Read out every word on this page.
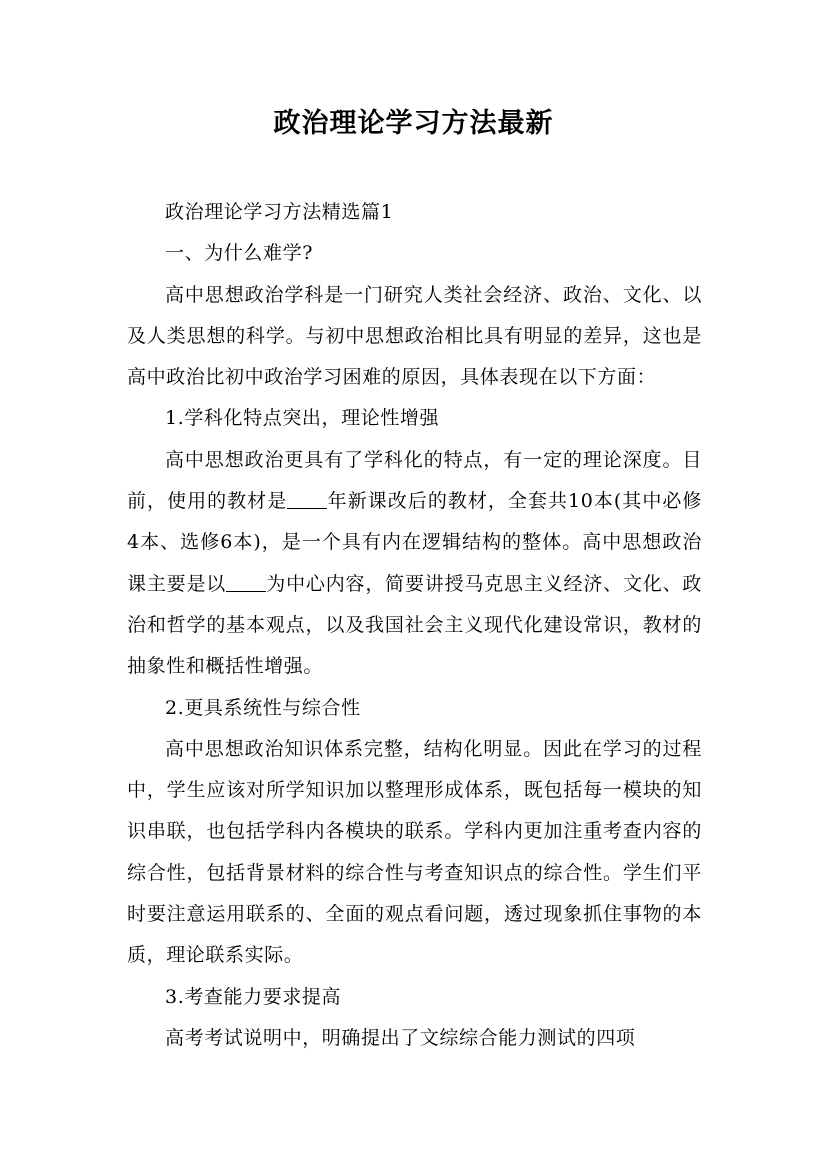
政治理论学习方法最新

政治理论学习方法精选篇1

一、为什么难学?

高中思想政治学科是一门研究人类社会经济、政治、文化、以及人类思想的科学。与初中思想政治相比具有明显的差异，这也是高中政治比初中政治学习困难的原因，具体表现在以下方面：

1.学科化特点突出，理论性增强

高中思想政治更具有了学科化的特点，有一定的理论深度。目前，使用的教材是 年新课改后的教材，全套共10本(其中必修4本、选修6本)，是一个具有内在逻辑结构的整体。高中思想政治课主要是以 为中心内容，简要讲授马克思主义经济、文化、政治和哲学的基本观点，以及我国社会主义现代化建设常识，教材的抽象性和概括性增强。

2.更具系统性与综合性

高中思想政治知识体系完整，结构化明显。因此在学习的过程中，学生应该对所学知识加以整理形成体系，既包括每一模块的知识串联，也包括学科内各模块的联系。学科内更加注重考查内容的综合性，包括背景材料的综合性与考查知识点的综合性。学生们平时要注意运用联系的、全面的观点看问题，透过现象抓住事物的本质，理论联系实际。

3.考查能力要求提高

高考考试说明中，明确提出了文综综合能力测试的四项
